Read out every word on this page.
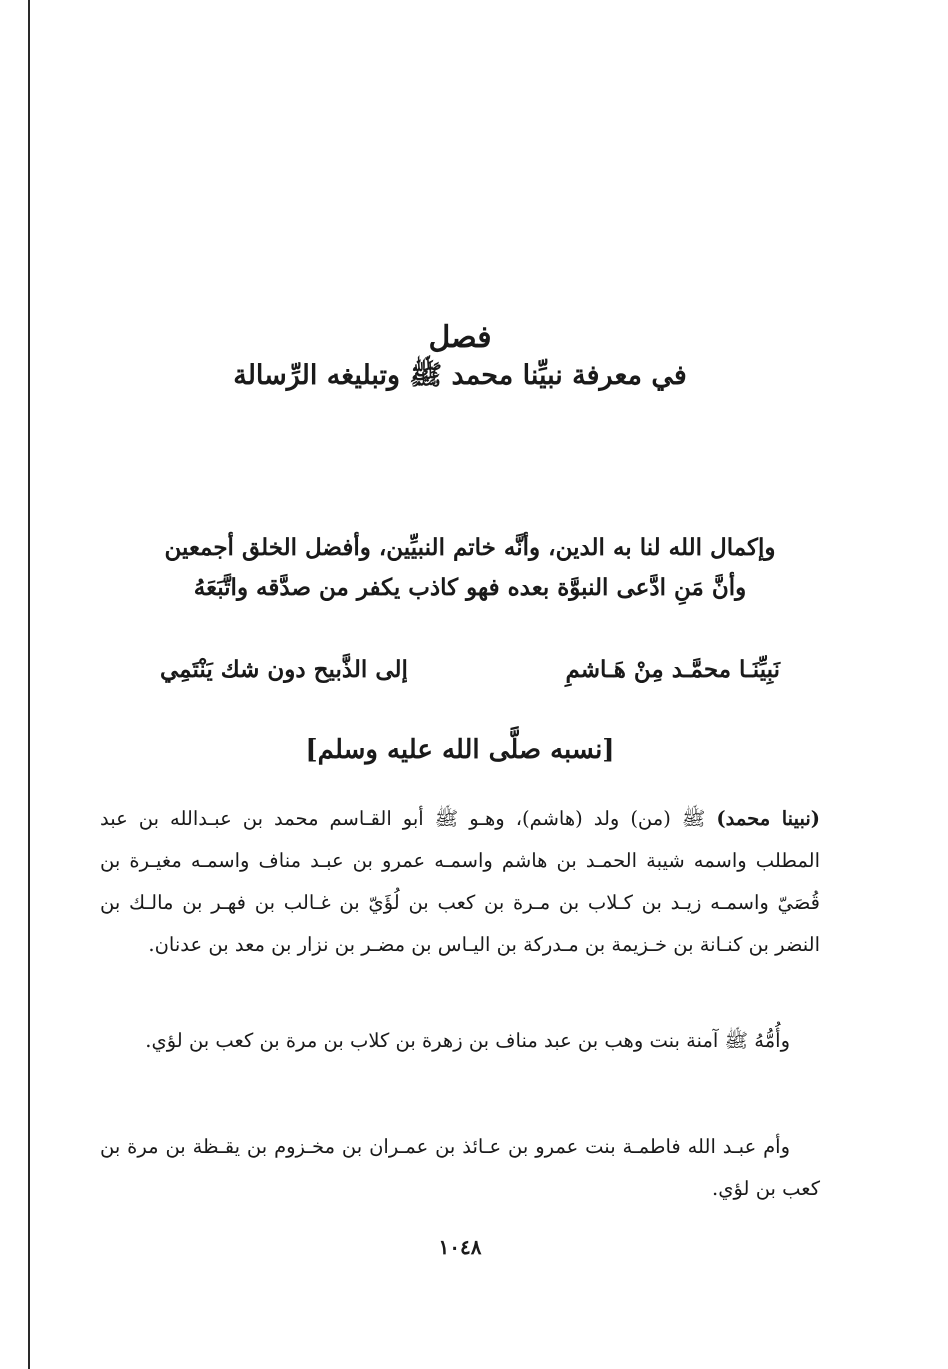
فصل
في معرفة نبيِّنا محمد ﷺ وتبليغه الرِّسالة
وإكمال الله لنا به الدين، وأنَّه خاتم النبيِّين، وأفضل الخلق أجمعين
وأنَّ مَنِ ادَّعى النبوَّة بعده فهو كاذب يكفر من صدَّقه واتَّبَعَهُ
نَبِيِّنَـا محمَّـد مِنْ هَـاشمِ
إلى الذَّبيح دون شك يَنْتَمِي
[نسبه صلَّى الله عليه وسلم]

(نبينا محمد) ﷺ (من) ولد (هاشم)، وهـو ﷺ أبو القـاسم محمد بن عبـدالله بن عبد المطلب واسمه شيبة الحمـد بن هاشم واسمـه عمرو بن عبـد مناف واسمـه مغيـرة بن قُصَيّ واسمـه زيـد بن كـلاب بن مـرة بن كعب بن لُؤَيّ بن غـالب بن فهـر بن مالـك بن النضر بن كنـانة بن خـزيمة بن مـدركة بن اليـاس بن مضـر بن نزار بن معد بن عدنان.

وأُمُّهُ ﷺ آمنة بنت وهب بن عبد مناف بن زهرة بن كلاب بن مرة بن كعب بن لؤي.

وأم عبـد الله فاطمـة بنت عمرو بن عـائذ بن عمـران بن مخـزوم بن يقـظة بن مرة بن كعب بن لؤي.

١٠٤٨
